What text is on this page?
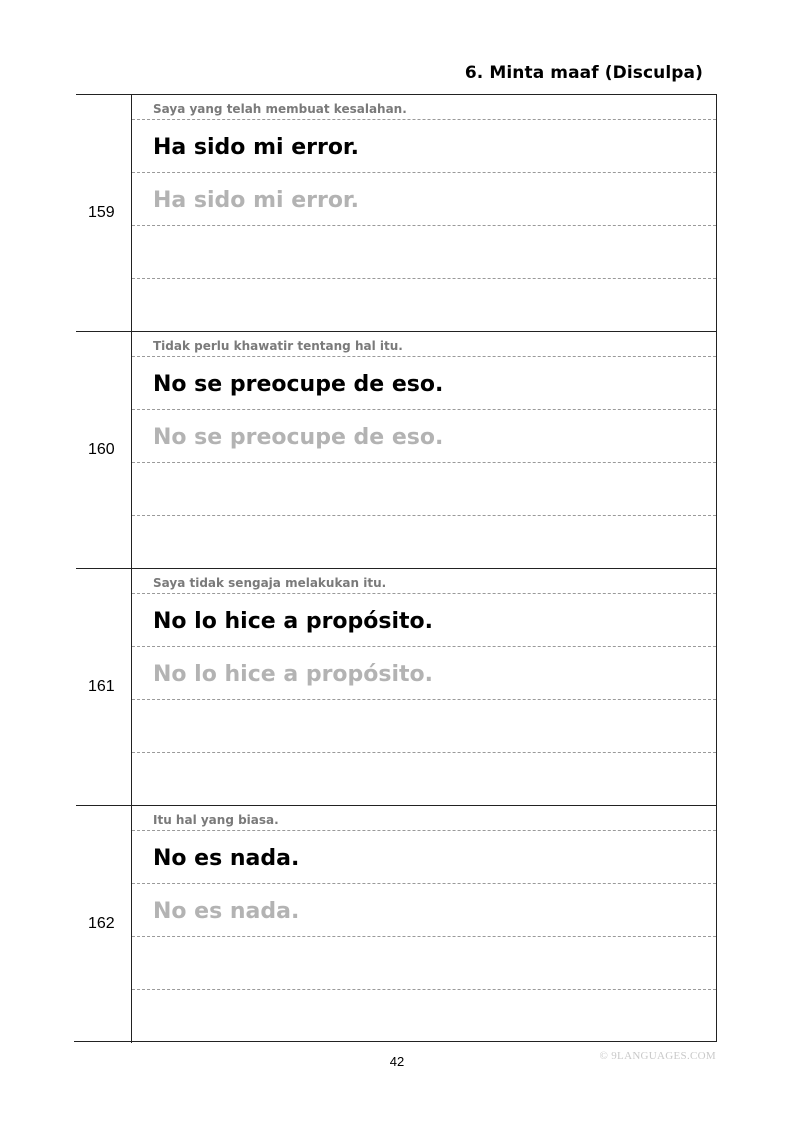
6. Minta maaf (Disculpa)
159
Saya yang telah membuat kesalahan.
Ha sido mi error.
Ha sido mi error.
160
Tidak perlu khawatir tentang hal itu.
No se preocupe de eso.
No se preocupe de eso.
161
Saya tidak sengaja melakukan itu.
No lo hice a propósito.
No lo hice a propósito.
162
Itu hal yang biasa.
No es nada.
No es nada.
42	© 9LANGUAGES.COM
